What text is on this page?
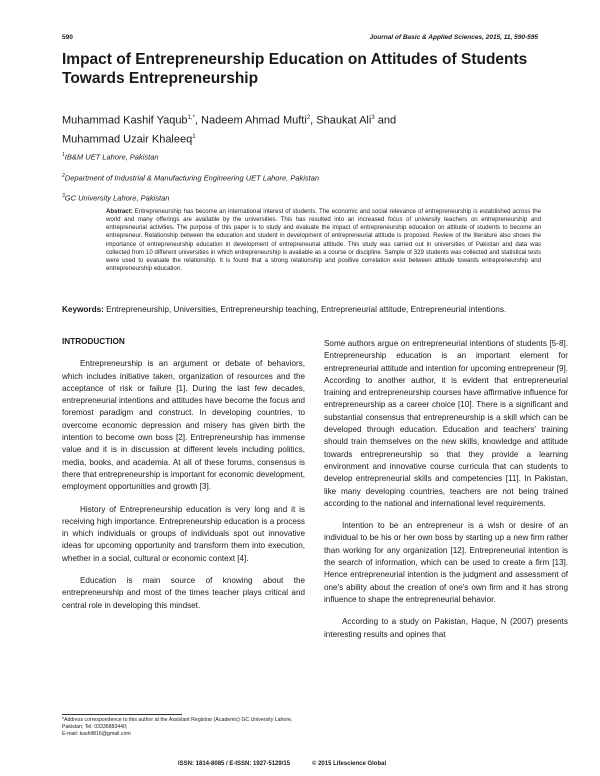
590	Journal of Basic & Applied Sciences, 2015, 11, 590-595
Impact of Entrepreneurship Education on Attitudes of Students Towards Entrepreneurship
Muhammad Kashif Yaqub$^{1,*}$, Nadeem Ahmad Mufti$^2$, Shaukat Ali$^3$ and
Muhammad Uzair Khaleeq$^1$

$^1$IB&M UET Lahore, Pakistan

$^2$Department of Industrial & Manufacturing Engineering UET Lahore, Pakistan

$^3$GC University Lahore, Pakistan

Abstract: Entrepreneurship has become an international interest of students. The economic and social relevance of entrepreneurship is established across the world and many offerings are available by the universities. This has resulted into an increased focus of university teachers on entrepreneurship and entrepreneurial activities. The purpose of this paper is to study and evaluate the impact of entrepreneurship education on attitude of students to become an entrepreneur. Relationship between the education and student in development of entrepreneurial attitude is proposed. Review of the literature also shows the importance of entrepreneurship education in development of entrepreneurial attitude. This study was carried out in universities of Pakistan and data was collected from 10 different universities in which entrepreneurship is available as a course or discipline. Sample of 329 students was collected and statistical tests were used to evaluate the relationship. It is found that a strong relationship and positive correlation exist between attitude towards entrepreneurship and entrepreneurship education.

Keywords: Entrepreneurship, Universities, Entrepreneurship teaching, Entrepreneurial attitude, Entrepreneurial intentions.

INTRODUCTION

Entrepreneurship is an argument or debate of behaviors, which includes initiative taken, organization of resources and the acceptance of risk or failure [1]. During the last few decades, entrepreneurial intentions and attitudes have become the focus and foremost paradigm and construct. In developing countries, to overcome economic depression and misery has given birth the intention to become own boss [2]. Entrepreneurship has immense value and it is in discussion at different levels including politics, media, books, and academia. At all of these forums, consensus is there that entrepreneurship is important for economic development, employment opportunities and growth [3].

History of Entrepreneurship education is very long and it is receiving high importance. Entrepreneurship education is a process in which individuals or groups of individuals spot out innovative ideas for upcoming opportunity and transform them into execution, whether in a social, cultural or economic context [4].

Education is main source of knowing about the entrepreneurship and most of the times teacher plays critical and central role in developing this mindset.

Some authors argue on entrepreneurial intentions of students [5-8]. Entrepreneurship education is an important element for entrepreneurial attitude and intention for upcoming entrepreneur [9]. According to another author, it is evident that entrepreneurial training and entrepreneurship courses have affirmative influence for entrepreneurship as a career choice [10]. There is a significant and substantial consensus that entrepreneurship is a skill which can be developed through education. Education and teachers' training should train themselves on the new skills, knowledge and attitude towards entrepreneurship so that they provide a learning environment and innovative course curricula that can students to develop entrepreneurial skills and competencies [11]. In Pakistan, like many developing countries, teachers are not being trained according to the national and international level requirements.

Intention to be an entrepreneur is a wish or desire of an individual to be his or her own boss by starting up a new firm rather than working for any organization [12]. Entrepreneurial intention is the search of information, which can be used to create a firm [13]. Hence entrepreneurial intention is the judgment and assessment of one's ability about the creation of one's own firm and it has strong influence to shape the entrepreneurial behavior.

According to a study on Pakistan, Haque, N (2007) presents interesting results and opines that

*Address correspondence to this author at the Assistant Registrar (Academic) GC University Lahore, Pakistan; Tel: 03336883440;

E-mail: kashif816@gmail.com

ISSN: 1814-8085 / E-ISSN: 1927-5129/15	© 2015 Lifescience Global
